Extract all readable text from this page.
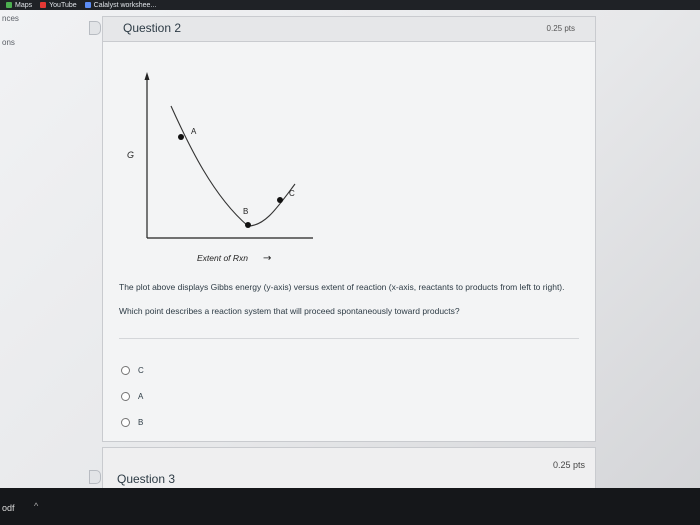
Maps YouTube Calalyst workshee...
nces
ons
Question 2	0.25 pts
A
B
C
G
Extent of Rxn →

The plot above displays Gibbs energy (y-axis) versus extent of reaction (x-axis, reactants to products from left to right).

Which point describes a reaction system that will proceed spontaneously toward products?

C
A
B
Question 3
0.25 pts
odf ^
